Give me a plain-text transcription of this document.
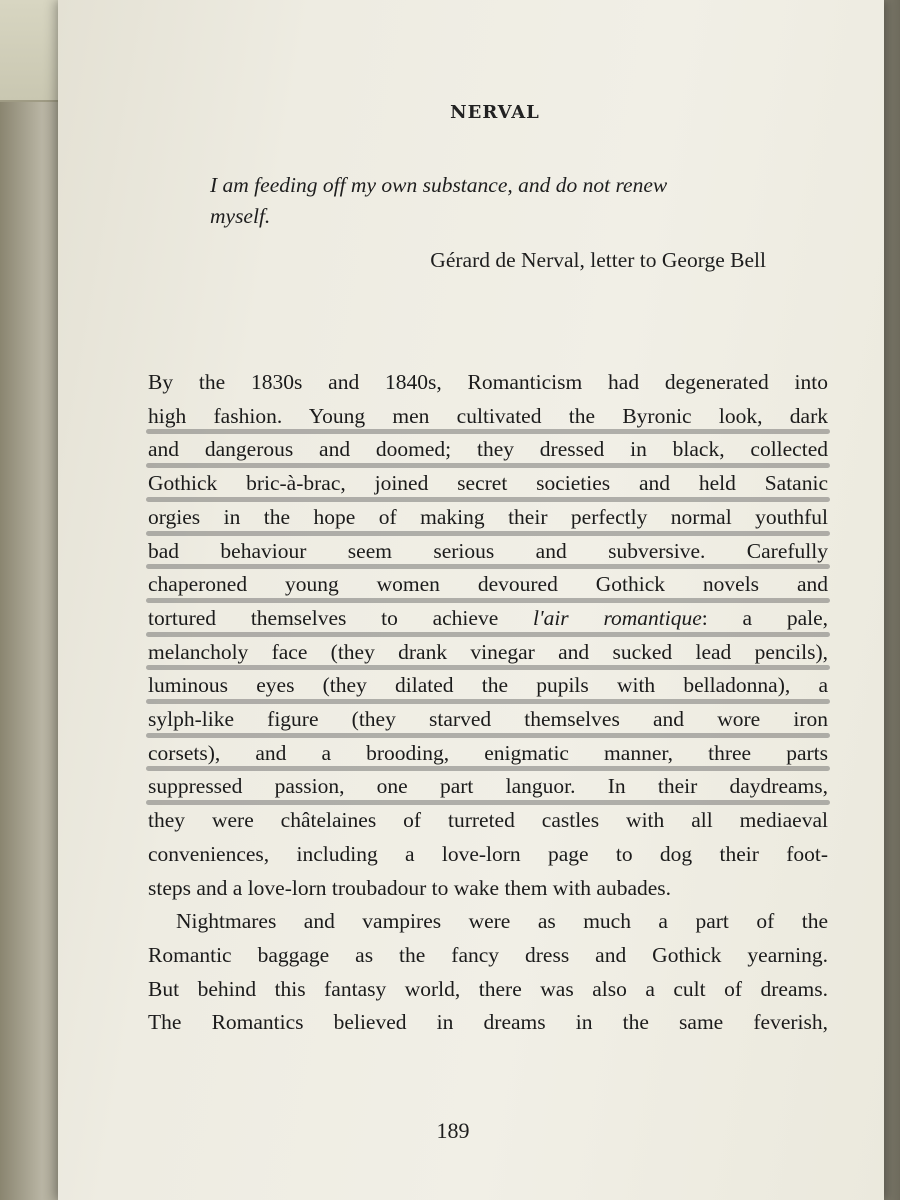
NERVAL
I am feeding off my own substance, and do not renew
myself.
Gérard de Nerval, letter to George Bell
By the 1830s and 1840s, Romanticism had degenerated into
high fashion. Young men cultivated the Byronic look, dark
and dangerous and doomed; they dressed in black, collected
Gothick bric-à-brac, joined secret societies and held Satanic
orgies in the hope of making their perfectly normal youthful
bad behaviour seem serious and subversive. Carefully
chaperoned young women devoured Gothick novels and
tortured themselves to achieve l'air romantique: a pale,
melancholy face (they drank vinegar and sucked lead pencils),
luminous eyes (they dilated the pupils with belladonna), a
sylph-like figure (they starved themselves and wore iron
corsets), and a brooding, enigmatic manner, three parts
suppressed passion, one part languor. In their daydreams,
they were châtelaines of turreted castles with all mediaeval
conveniences, including a love-lorn page to dog their foot-
steps and a love-lorn troubadour to wake them with aubades.
Nightmares and vampires were as much a part of the
Romantic baggage as the fancy dress and Gothick yearning.
But behind this fantasy world, there was also a cult of dreams.
The Romantics believed in dreams in the same feverish,
189
